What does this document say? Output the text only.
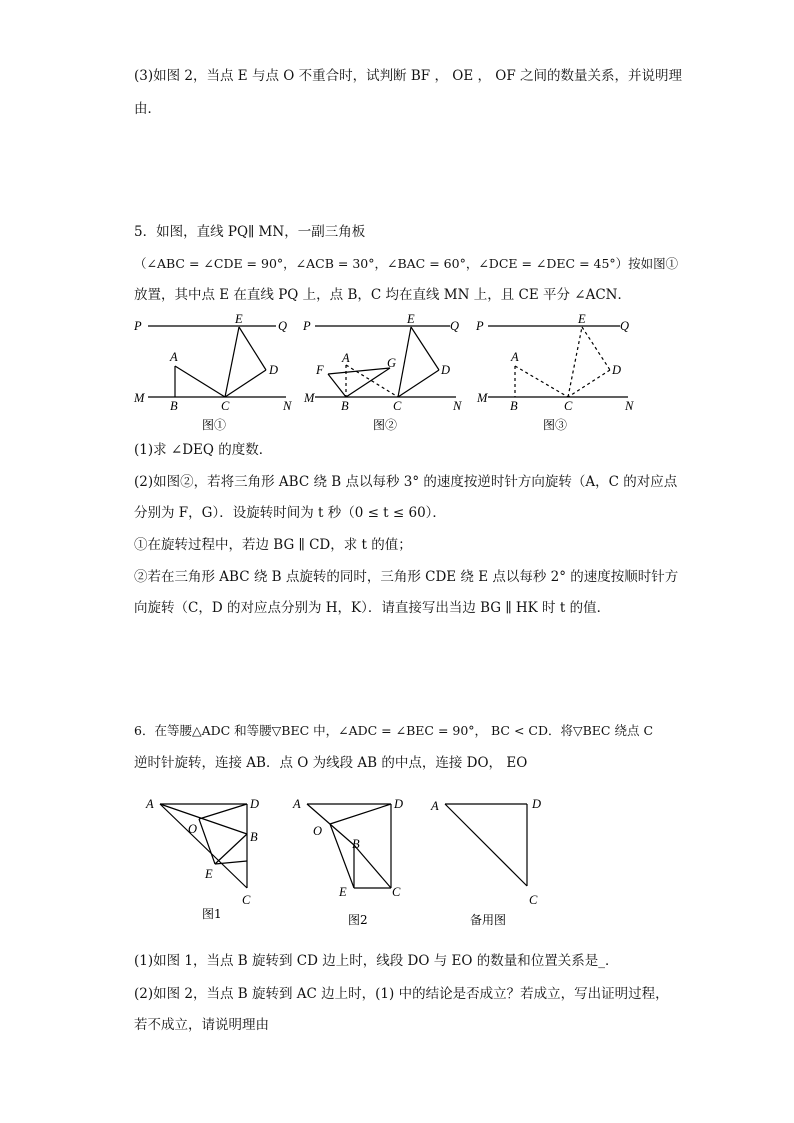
(3)如图 2，当点 E 与点 O 不重合时，试判断 BF ， OE ， OF 之间的数量关系，并说明理
由．
5．如图，直线 PQ∥ MN，一副三角板
（∠ABC = ∠CDE = 90°，∠ACB = 30°，∠BAC = 60°，∠DCE = ∠DEC = 45°）按如图①
放置，其中点 E 在直线 PQ 上，点 B，C 均在直线 MN 上，且 CE 平分 ∠ACN．
P	Q
E
A
D
M
B	C	N
P	Q
E
A
F	G	D
M
B	C	N
P	Q
E
A
D
M
B	C	N
图①	图②	图③
(1)求 ∠DEQ 的度数．
(2)如图②，若将三角形 ABC 绕 B 点以每秒 3° 的速度按逆时针方向旋转（A，C 的对应点
分别为 F，G）．设旋转时间为 t 秒（0 ≤ t ≤ 60）．
①在旋转过程中，若边 BG ∥ CD，求 t 的值；
②若在三角形 ABC 绕 B 点旋转的同时，三角形 CDE 绕 E 点以每秒 2° 的速度按顺时针方
向旋转（C，D 的对应点分别为 H，K）．请直接写出当边 BG ∥ HK 时 t 的值．
6．在等腰△ADC 和等腰▽BEC 中，∠ADC = ∠BEC = 90°， BC < CD．将▽BEC 绕点 C
逆时针旋转，连接 AB．点 O 为线段 AB 的中点，连接 DO， EO
A	D
O
B
E
C
A	D
O
B
E	C
A	D
C
图1	图2	备用图
(1)如图 1，当点 B 旋转到 CD 边上时，线段 DO 与 EO 的数量和位置关系是_．
(2)如图 2，当点 B 旋转到 AC 边上时，(1) 中的结论是否成立？若成立，写出证明过程，
若不成立，请说明理由
